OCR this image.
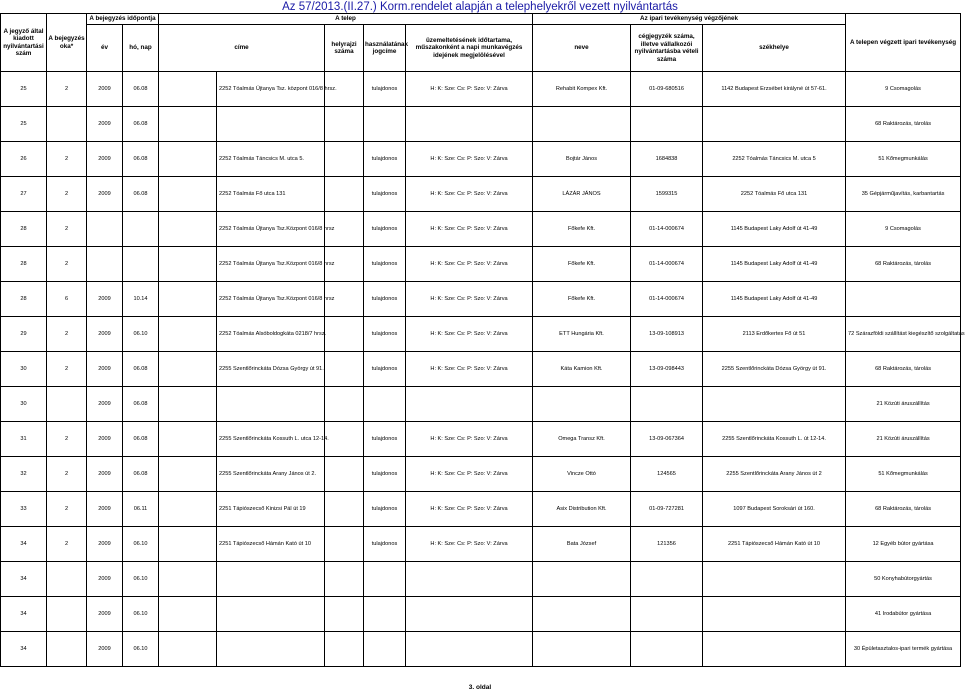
Az 57/2013.(II.27.) Korm.rendelet alapján a telephelyekről vezett nyilvántartás
A jegyző által kiadott nyilvántartási szám	A bejegyzés oka*	A bejegyzés időpontja		A telep					Az ipari tevékenység végzőjének			A telepen végzett ipari tevékenység
		év	hó, nap	címe		helyrajzi száma	használatának jogcíme	üzemeltetésének időtartama, műszakonként a napi munkavégzés idejének megjelölésével	neve	cégjegyzék száma, illetve vállalkozói nyilvántartásba vételi száma	székhelye	
25	2	2009	06.08		2252 Tóalmás Újtanya Tsz. központ 016/8 hrsz.		tulajdonos	H: K: Sze: Cs: P: Szo: V: Zárva	Rehabit Kompex Kft.	01-09-680516	1142 Budapest Erzsébet királyné út 57-61.	9 Csomagolás
25		2009	06.08									68 Raktározás, tárolás
26	2	2009	06.08		2252 Tóalmás Táncsics M. utca 5.		tulajdonos	H: K: Sze: Cs: P: Szo: V: Zárva	Bojtár János	1684838	2252 Tóalmás Táncsics M. utca 5	51 Kőmegmunkálás
27	2	2009	06.08		2252 Tóalmás Fő utca 131		tulajdonos	H: K: Sze: Cs: P: Szo: V: Zárva	LÁZÁR JÁNOS	1599315	2252 Tóalmás Fő utca 131	35 Gépjárműjavítás, karbantartás
28	2				2252 Tóalmás Újtanya Tsz.Központ 016/8 hrsz		tulajdonos	H: K: Sze: Cs: P: Szo: V: Zárva	Főkefe Kft.	01-14-000674	1145 Budapest Laky Adolf út 41-49	9 Csomagolás
28	2				2252 Tóalmás Újtanya Tsz.Központ 016/8 hrsz		tulajdonos	H: K: Sze: Cs: P: Szo: V: Zárva	Főkefe Kft.	01-14-000674	1145 Budapest Laky Adolf út 41-49	68 Raktározás, tárolás
28	6	2009	10.14		2252 Tóalmás Újtanya Tsz.Központ 016/8 hrsz		tulajdonos	H: K: Sze: Cs: P: Szo: V: Zárva	Főkefe Kft.	01-14-000674	1145 Budapest Laky Adolf út 41-49	
29	2	2009	06.10		2252 Tóalmás Alsóboldogkáta 0218/7 hrsz.		tulajdonos	H: K: Sze: Cs: P: Szo: V: Zárva	ETT Hungária Kft.	13-09-108913	2113 Erdőkertes Fő út 51	72 Szárazföldi szállítást kiegészítő szolgáltatás
30	2	2009	06.08		2255 Szentlőrinckáta Dózsa György út 91.		tulajdonos	H: K: Sze: Cs: P: Szo: V: Zárva	Káta Kamion Kft.	13-09-098443	2255 Szentlőrinckáta Dózsa György út 91.	68 Raktározás, tárolás
30		2009	06.08									21 Közúti áruszállítás
31	2	2009	06.08		2255 Szentlőrinckáta Kossuth L. utca 12-14.		tulajdonos	H: K: Sze: Cs: P: Szo: V: Zárva	Omega Transz Kft.	13-09-067364	2255 Szentlőrinckáta Kossuth L. út 12-14.	21 Közúti áruszállítás
32	2	2009	06.08		2255 Szentlőrinckáta Arany János út 2.		tulajdonos	H: K: Sze: Cs: P: Szo: V: Zárva	Vincze Ottó	124565	2255 Szentlőrinckáta Arany János út 2	51 Kőmegmunkálás
33	2	2009	06.11		2251 Tápiószecső Kinizsi Pál út 19		tulajdonos	H: K: Sze: Cs: P: Szo: V: Zárva	Asix Distribution Kft.	01-09-727281	1097 Budapest Soroksári út 160.	68 Raktározás, tárolás
34	2	2009	06.10		2251 Tápiószecső Hámán Kató út 10		tulajdonos	H: K: Sze: Cs: P: Szo: V: Zárva	Bata József	121356	2251 Tápiószecső Hámán Kató út 10	12 Egyéb bútor gyártása
34		2009	06.10									50 Konyhabútorgyártás
34		2009	06.10									41 Irodabútor gyártása
34		2009	06.10									30 Épületasztalos-ipari termék gyártása
3. oldal
